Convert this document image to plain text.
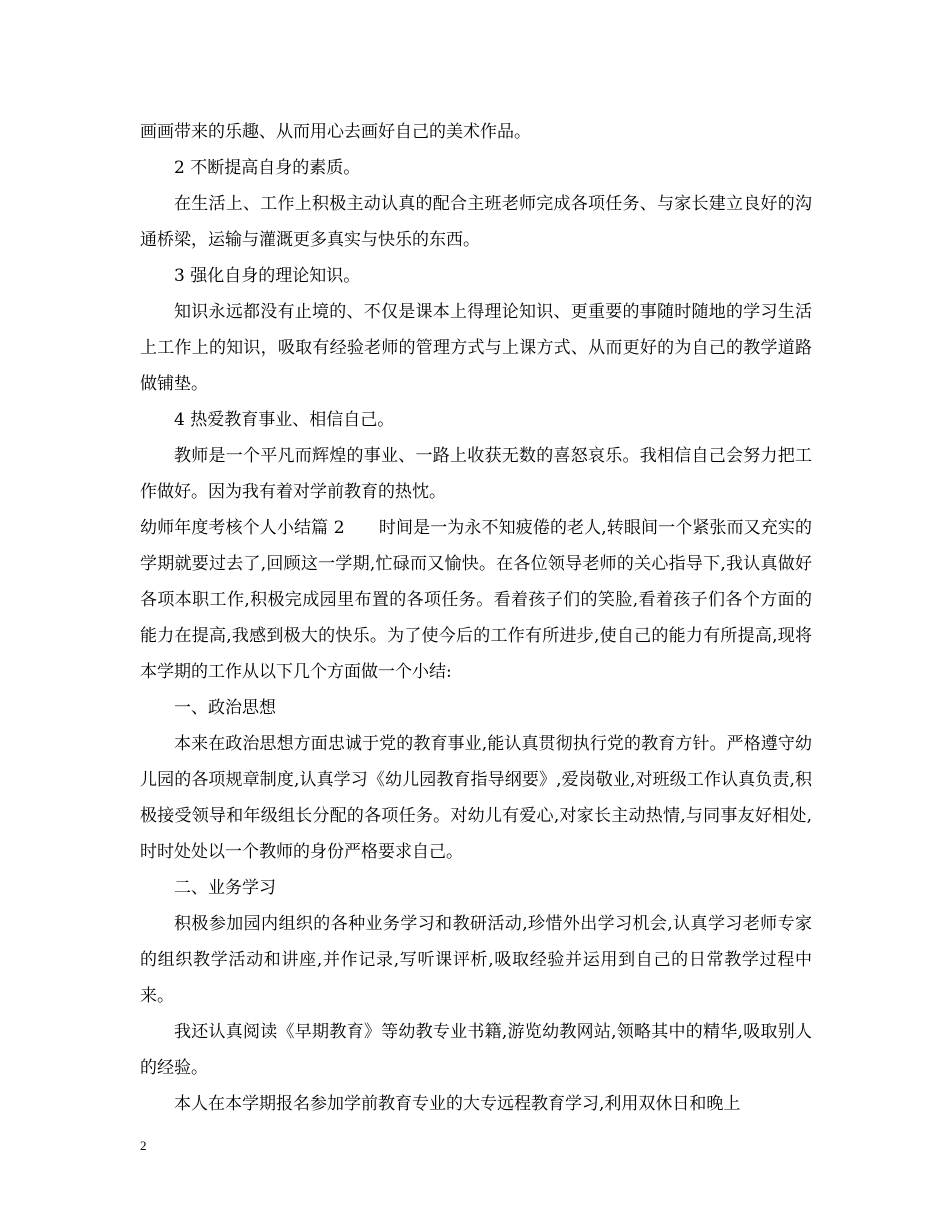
画画带来的乐趣、从而用心去画好自己的美术作品。

2 不断提高自身的素质。

在生活上、工作上积极主动认真的配合主班老师完成各项任务、与家长建立良好的沟通桥梁，运输与灌溉更多真实与快乐的东西。

3 强化自身的理论知识。

知识永远都没有止境的、不仅是课本上得理论知识、更重要的事随时随地的学习生活上工作上的知识，吸取有经验老师的管理方式与上课方式、从而更好的为自己的教学道路做铺垫。

4 热爱教育事业、相信自己。

教师是一个平凡而辉煌的事业、一路上收获无数的喜怒哀乐。我相信自己会努力把工作做好。因为我有着对学前教育的热忱。

幼师年度考核个人小结篇 2　　时间是一为永不知疲倦的老人,转眼间一个紧张而又充实的学期就要过去了,回顾这一学期,忙碌而又愉快。在各位领导老师的关心指导下,我认真做好各项本职工作,积极完成园里布置的各项任务。看着孩子们的笑脸,看着孩子们各个方面的能力在提高,我感到极大的快乐。为了使今后的工作有所进步,使自己的能力有所提高,现将本学期的工作从以下几个方面做一个小结:

一、政治思想

本来在政治思想方面忠诚于党的教育事业,能认真贯彻执行党的教育方针。严格遵守幼儿园的各项规章制度,认真学习《幼儿园教育指导纲要》,爱岗敬业,对班级工作认真负责,积极接受领导和年级组长分配的各项任务。对幼儿有爱心,对家长主动热情,与同事友好相处,时时处处以一个教师的身份严格要求自己。

二、业务学习

积极参加园内组织的各种业务学习和教研活动,珍惜外出学习机会,认真学习老师专家的组织教学活动和讲座,并作记录,写听课评析,吸取经验并运用到自己的日常教学过程中来。

我还认真阅读《早期教育》等幼教专业书籍,游览幼教网站,领略其中的精华,吸取别人的经验。

本人在本学期报名参加学前教育专业的大专远程教育学习,利用双休日和晚上

2
